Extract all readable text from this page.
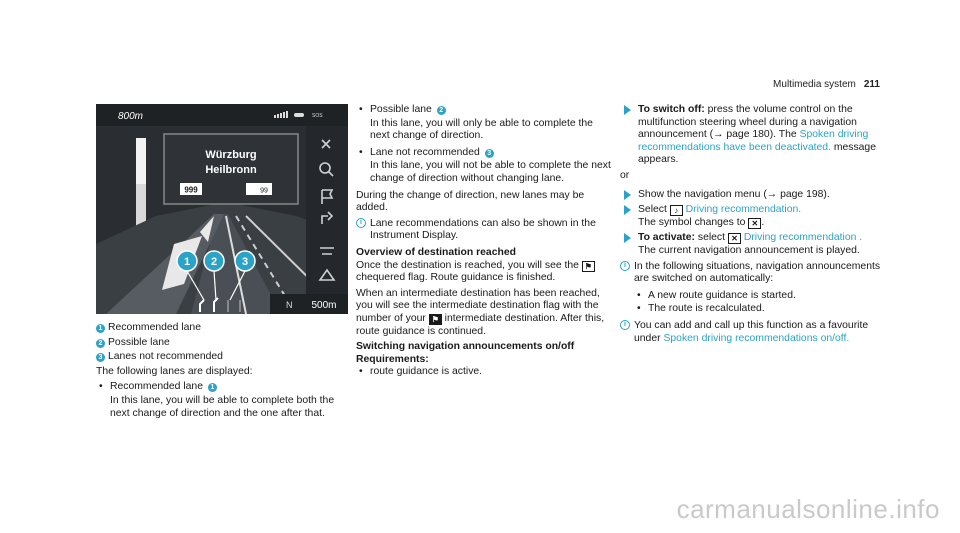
Multimedia system 211
800m	SOS
Würzburg
Heilbronn
999	99
1 2 3
N 500m
1 Recommended lane
2 Possible lane
3 Lanes not recommended

The following lanes are displayed:

• Recommended lane 1
In this lane, you will be able to complete both the next change of direction and the one after that.
• Possible lane 2
In this lane, you will only be able to complete the next change of direction.
• Lane not recommended 3
In this lane, you will not be able to complete the next change of direction without changing lane.

During the change of direction, new lanes may be added.

i Lane recommendations can also be shown in the Instrument Display.
Overview of destination reached

Once the destination is reached, you will see the ⚑ chequered flag. Route guidance is finished.

When an intermediate destination has been reached, you will see the intermediate destination flag with the number of your ⚑ intermediate destination. After this, route guidance is continued.

Switching navigation announcements on/off
Requirements:
• route guidance is active.
To switch off: press the volume control on the multifunction steering wheel during a navigation announcement (→ page 180). The Spoken driving recommendations have been deactivated. message appears.
or
Show the navigation menu (→ page 198).
Select ♪ Driving recommendation.
The symbol changes to ✕ .
To activate: select ✕ Driving recommendation .
The current navigation announcement is played.
i In the following situations, navigation announcements are switched on automatically:
• A new route guidance is started.
• The route is recalculated.
i You can add and call up this function as a favourite under Spoken driving recommendations on/off.
carmanualsonline.info
